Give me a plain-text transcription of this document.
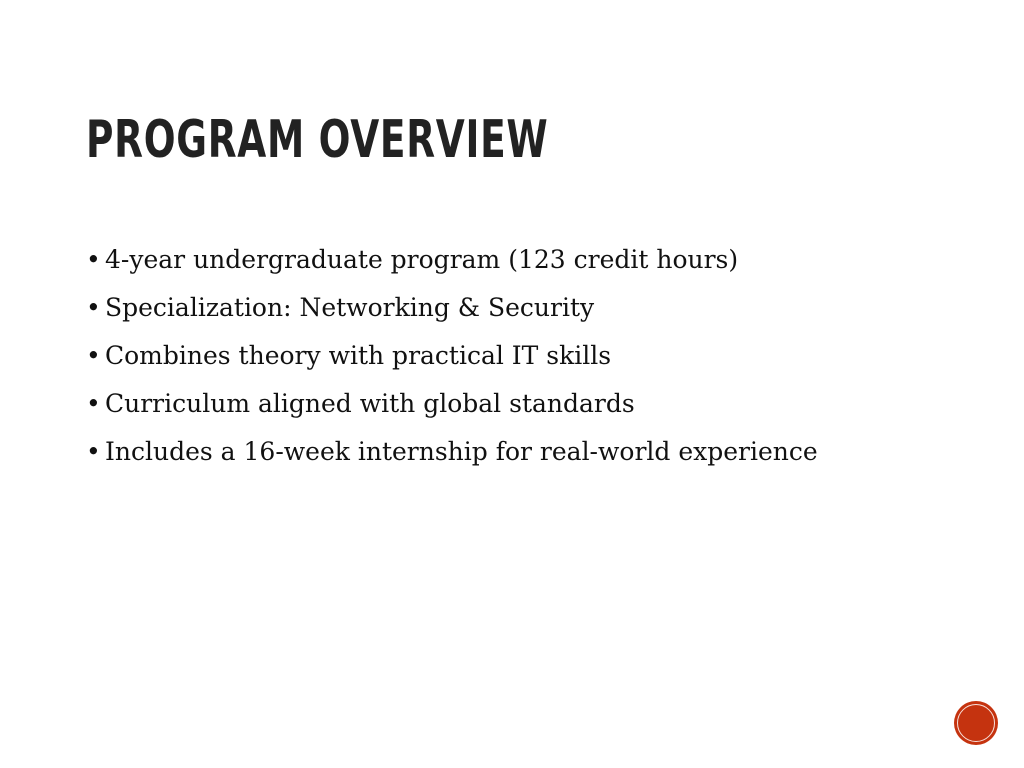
PROGRAM OVERVIEW
• 4-year undergraduate program (123 credit hours)
• Specialization: Networking & Security
• Combines theory with practical IT skills
• Curriculum aligned with global standards
• Includes a 16-week internship for real-world experience
